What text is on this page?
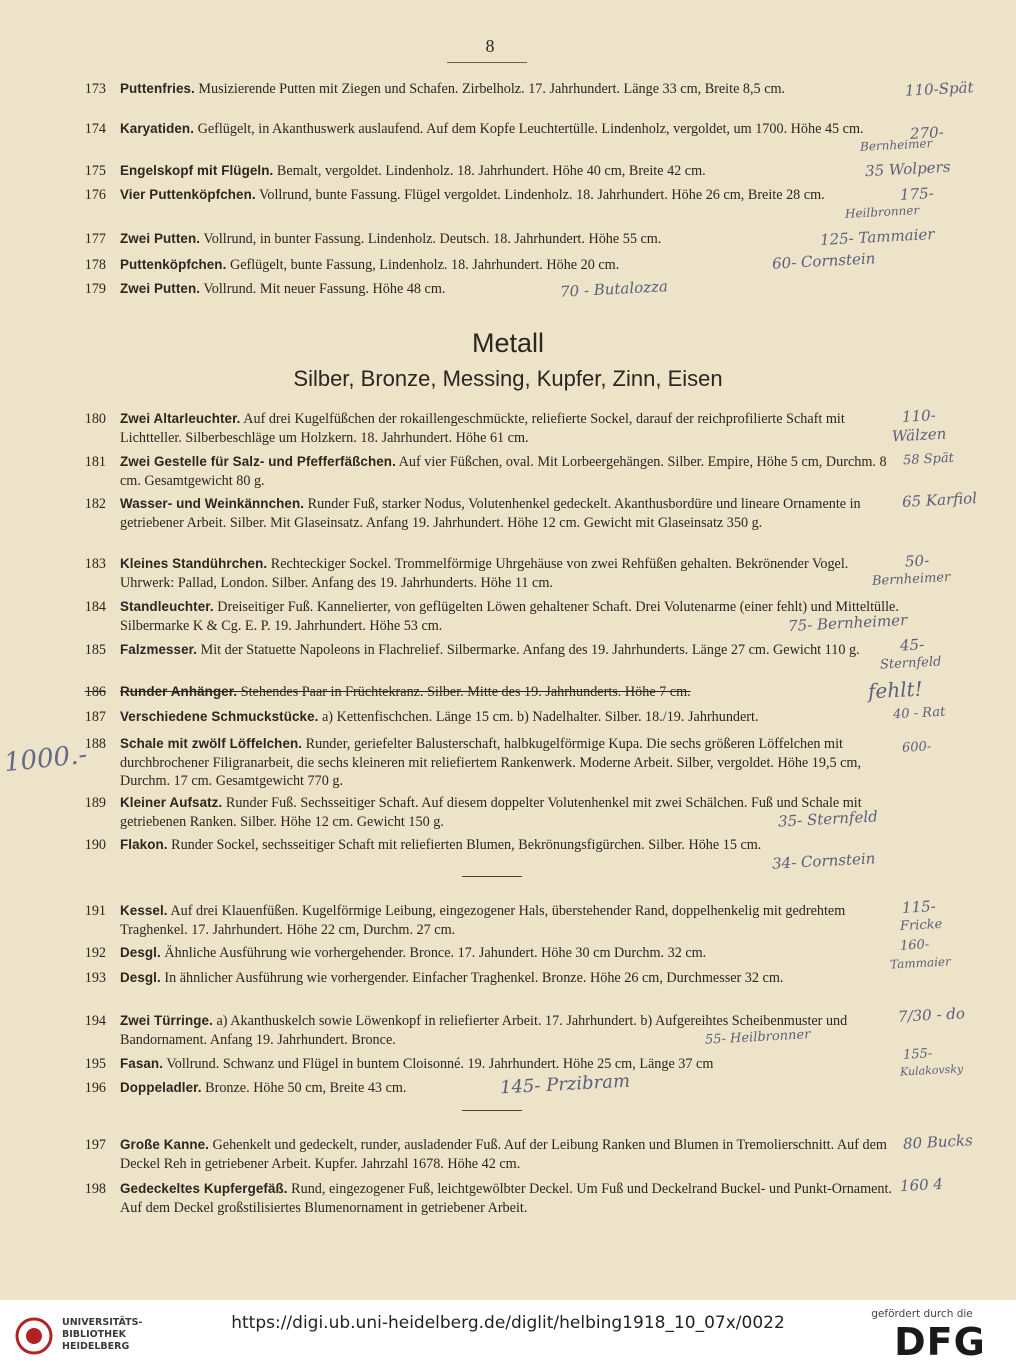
8
173 Puttenfries. Musizierende Putten mit Ziegen und Schafen. Zirbelholz. 17. Jahrhundert. Länge 33 cm, Breite 8,5 cm.	110-Spät
174 Karyatiden. Geflügelt, in Akanthuswerk auslaufend. Auf dem Kopfe Leuchtertülle. Lindenholz, vergoldet, um 1700. Höhe 45 cm.	270-
Bernheimer
175 Engelskopf mit Flügeln. Bemalt, vergoldet. Lindenholz. 18. Jahrhundert. Höhe 40 cm, Breite 42 cm.	35 Wolpers
176 Vier Puttenköpfchen. Vollrund, bunte Fassung. Flügel vergoldet. Lindenholz. 18. Jahrhundert. Höhe 26 cm, Breite 28 cm.	175-
Heilbronner
177 Zwei Putten. Vollrund, in bunter Fassung. Lindenholz. Deutsch. 18. Jahrhundert. Höhe 55 cm.	125- Tammaier
178 Puttenköpfchen. Geflügelt, bunte Fassung, Lindenholz. 18. Jahrhundert. Höhe 20 cm.	60- Cornstein
179 Zwei Putten. Vollrund. Mit neuer Fassung. Höhe 48 cm.	70 - Butalozza
Metall
Silber, Bronze, Messing, Kupfer, Zinn, Eisen
180 Zwei Altarleuchter. Auf drei Kugelfüßchen der rokaillengeschmückte, reliefierte Sockel, darauf der reichprofilierte Schaft mit Lichtteller. Silberbeschläge um Holzkern. 18. Jahrhundert. Höhe 61 cm.
110-
Wälzen
181 Zwei Gestelle für Salz- und Pfefferfäßchen. Auf vier Füßchen, oval. Mit Lorbeergehängen. Silber. Empire, Höhe 5 cm, Durchm. 8 cm. Gesamtgewicht 80 g.
58 Spät
182 Wasser- und Weinkännchen. Runder Fuß, starker Nodus, Volutenhenkel gedeckelt. Akanthusbordüre und lineare Ornamente in getriebener Arbeit. Silber. Mit Glaseinsatz. Anfang 19. Jahrhundert. Höhe 12 cm. Gewicht mit Glaseinsatz 350 g.
65 Karfiol
183 Kleines Standührchen. Rechteckiger Sockel. Trommelförmige Uhrgehäuse von zwei Rehfüßen gehalten. Bekrönender Vogel. Uhrwerk: Pallad, London. Silber. Anfang des 19. Jahrhunderts. Höhe 11 cm.
50-
Bernheimer
184 Standleuchter. Dreiseitiger Fuß. Kannelierter, von geflügelten Löwen gehaltener Schaft. Drei Volutenarme (einer fehlt) und Mitteltülle. Silbermarke K & Cg. E. P. 19. Jahrhundert. Höhe 53 cm.	75- Bernheimer
185 Falzmesser. Mit der Statuette Napoleons in Flachrelief. Silbermarke. Anfang des 19. Jahrhunderts. Länge 27 cm. Gewicht 110 g.	45-
Sternfeld
186 Runder Anhänger. Stehendes Paar in Früchtekranz. Silber. Mitte des 19. Jahrhunderts. Höhe 7 cm.	fehlt!
187 Verschiedene Schmuckstücke. a) Kettenfischchen. Länge 15 cm. b) Nadelhalter. Silber. 18./19. Jahrhundert.	40 - Rat
188 Schale mit zwölf Löffelchen. Runder, geriefelter Balusterschaft, halbkugelförmige Kupa. Die sechs größeren Löffelchen mit durchbrochener Filigranarbeit, die sechs kleineren mit reliefiertem Rankenwerk. Moderne Arbeit. Silber, vergoldet. Höhe 19,5 cm, Durchm. 17 cm. Gesamtgewicht 770 g.
600-
1000.-
189 Kleiner Aufsatz. Runder Fuß. Sechsseitiger Schaft. Auf diesem doppelter Volutenhenkel mit zwei Schälchen. Fuß und Schale mit getriebenen Ranken. Silber. Höhe 12 cm. Gewicht 150 g.	35- Sternfeld
190 Flakon. Runder Sockel, sechsseitiger Schaft mit reliefierten Blumen, Bekrönungsfigürchen. Silber. Höhe 15 cm.
34- Cornstein
191 Kessel. Auf drei Klauenfüßen. Kugelförmige Leibung, eingezogener Hals, überstehender Rand, doppelhenkelig mit gedrehtem Traghenkel. 17. Jahrhundert. Höhe 22 cm, Durchm. 27 cm.
115-
Fricke
192 Desgl. Ähnliche Ausführung wie vorhergehender. Bronce. 17. Jahundert. Höhe 30 cm Durchm. 32 cm.	160-
Tammaier
193 Desgl. In ähnlicher Ausführung wie vorhergender. Einfacher Traghenkel. Bronze. Höhe 26 cm, Durchmesser 32 cm.
194 Zwei Türringe. a) Akanthuskelch sowie Löwenkopf in reliefierter Arbeit. 17. Jahrhundert. b) Aufgereihtes Scheibenmuster und Bandornament. Anfang 19. Jahrhundert. Bronce.
7/30 - do
55- Heilbronner
195 Fasan. Vollrund. Schwanz und Flügel in buntem Cloisonné. 19. Jahrhundert. Höhe 25 cm, Länge 37 cm
155-
Kulakovsky
196 Doppeladler. Bronze. Höhe 50 cm, Breite 43 cm.	145- Przibram
197 Große Kanne. Gehenkelt und gedeckelt, runder, ausladender Fuß. Auf der Leibung Ranken und Blumen in Tremolierschnitt. Auf dem Deckel Reh in getriebener Arbeit. Kupfer. Jahrzahl 1678. Höhe 42 cm.
80 Bucks
198 Gedeckeltes Kupfergefäß. Rund, eingezogener Fuß, leichtgewölbter Deckel. Um Fuß und Deckelrand Buckel- und Punkt-Ornament. Auf dem Deckel großstilisiertes Blumenornament in getriebener Arbeit.
160 4
UNIVERSITÄTS-
BIBLIOTHEK
HEIDELBERG
https://digi.ub.uni-heidelberg.de/diglit/helbing1918_10_07x/0022	gefördert durch die
DFG
